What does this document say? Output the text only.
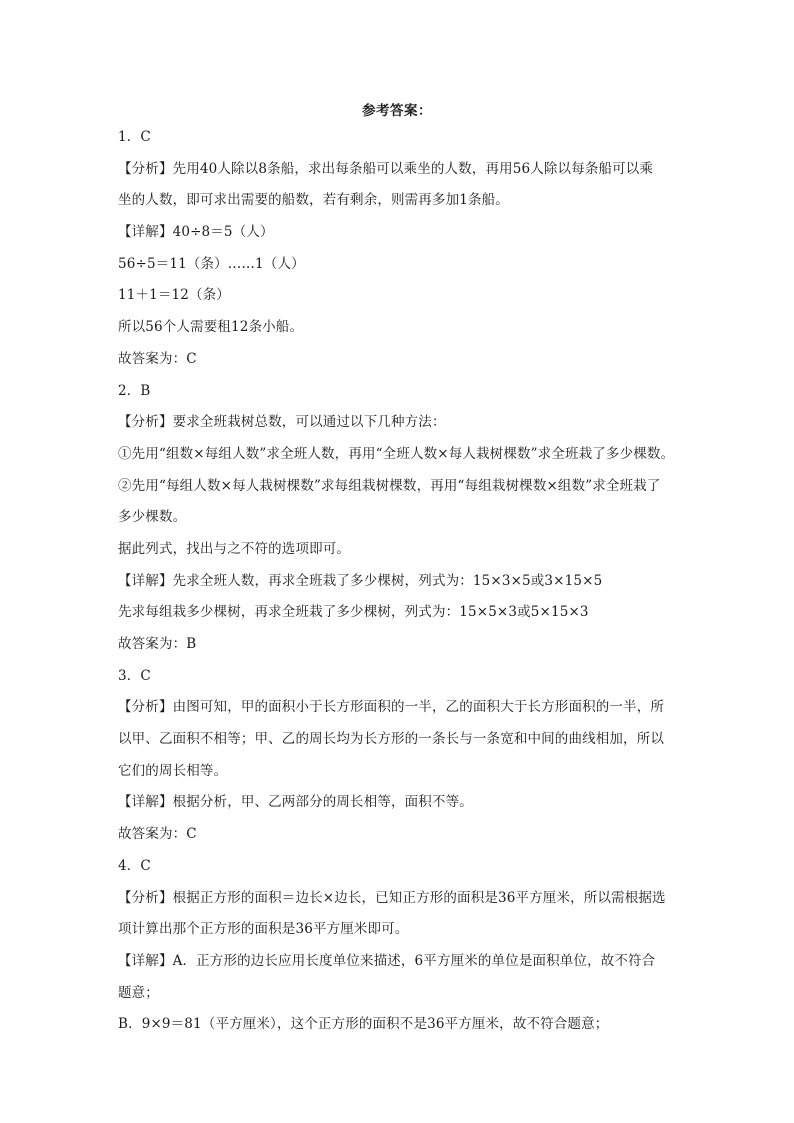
参考答案：
1．C
【分析】先用40人除以8条船，求出每条船可以乘坐的人数，再用56人除以每条船可以乘
坐的人数，即可求出需要的船数，若有剩余，则需再多加1条船。
【详解】40÷8＝5（人）
56÷5＝11（条）……1（人）
11＋1＝12（条）
所以56个人需要租12条小船。
故答案为：C
2．B
【分析】要求全班栽树总数，可以通过以下几种方法：
①先用“组数×每组人数”求全班人数，再用“全班人数×每人栽树棵数”求全班栽了多少棵数。
②先用“每组人数×每人栽树棵数”求每组栽树棵数，再用“每组栽树棵数×组数”求全班栽了
多少棵数。
据此列式，找出与之不符的选项即可。
【详解】先求全班人数，再求全班栽了多少棵树，列式为：15×3×5或3×15×5
先求每组栽多少棵树，再求全班栽了多少棵树，列式为：15×5×3或5×15×3
故答案为：B
3．C
【分析】由图可知，甲的面积小于长方形面积的一半，乙的面积大于长方形面积的一半，所
以甲、乙面积不相等；甲、乙的周长均为长方形的一条长与一条宽和中间的曲线相加，所以
它们的周长相等。
【详解】根据分析，甲、乙两部分的周长相等，面积不等。
故答案为：C
4．C
【分析】根据正方形的面积＝边长×边长，已知正方形的面积是36平方厘米，所以需根据选
项计算出那个正方形的面积是36平方厘米即可。
【详解】A．正方形的边长应用长度单位来描述，6平方厘米的单位是面积单位，故不符合
题意；
B．9×9＝81（平方厘米），这个正方形的面积不是36平方厘米，故不符合题意；
